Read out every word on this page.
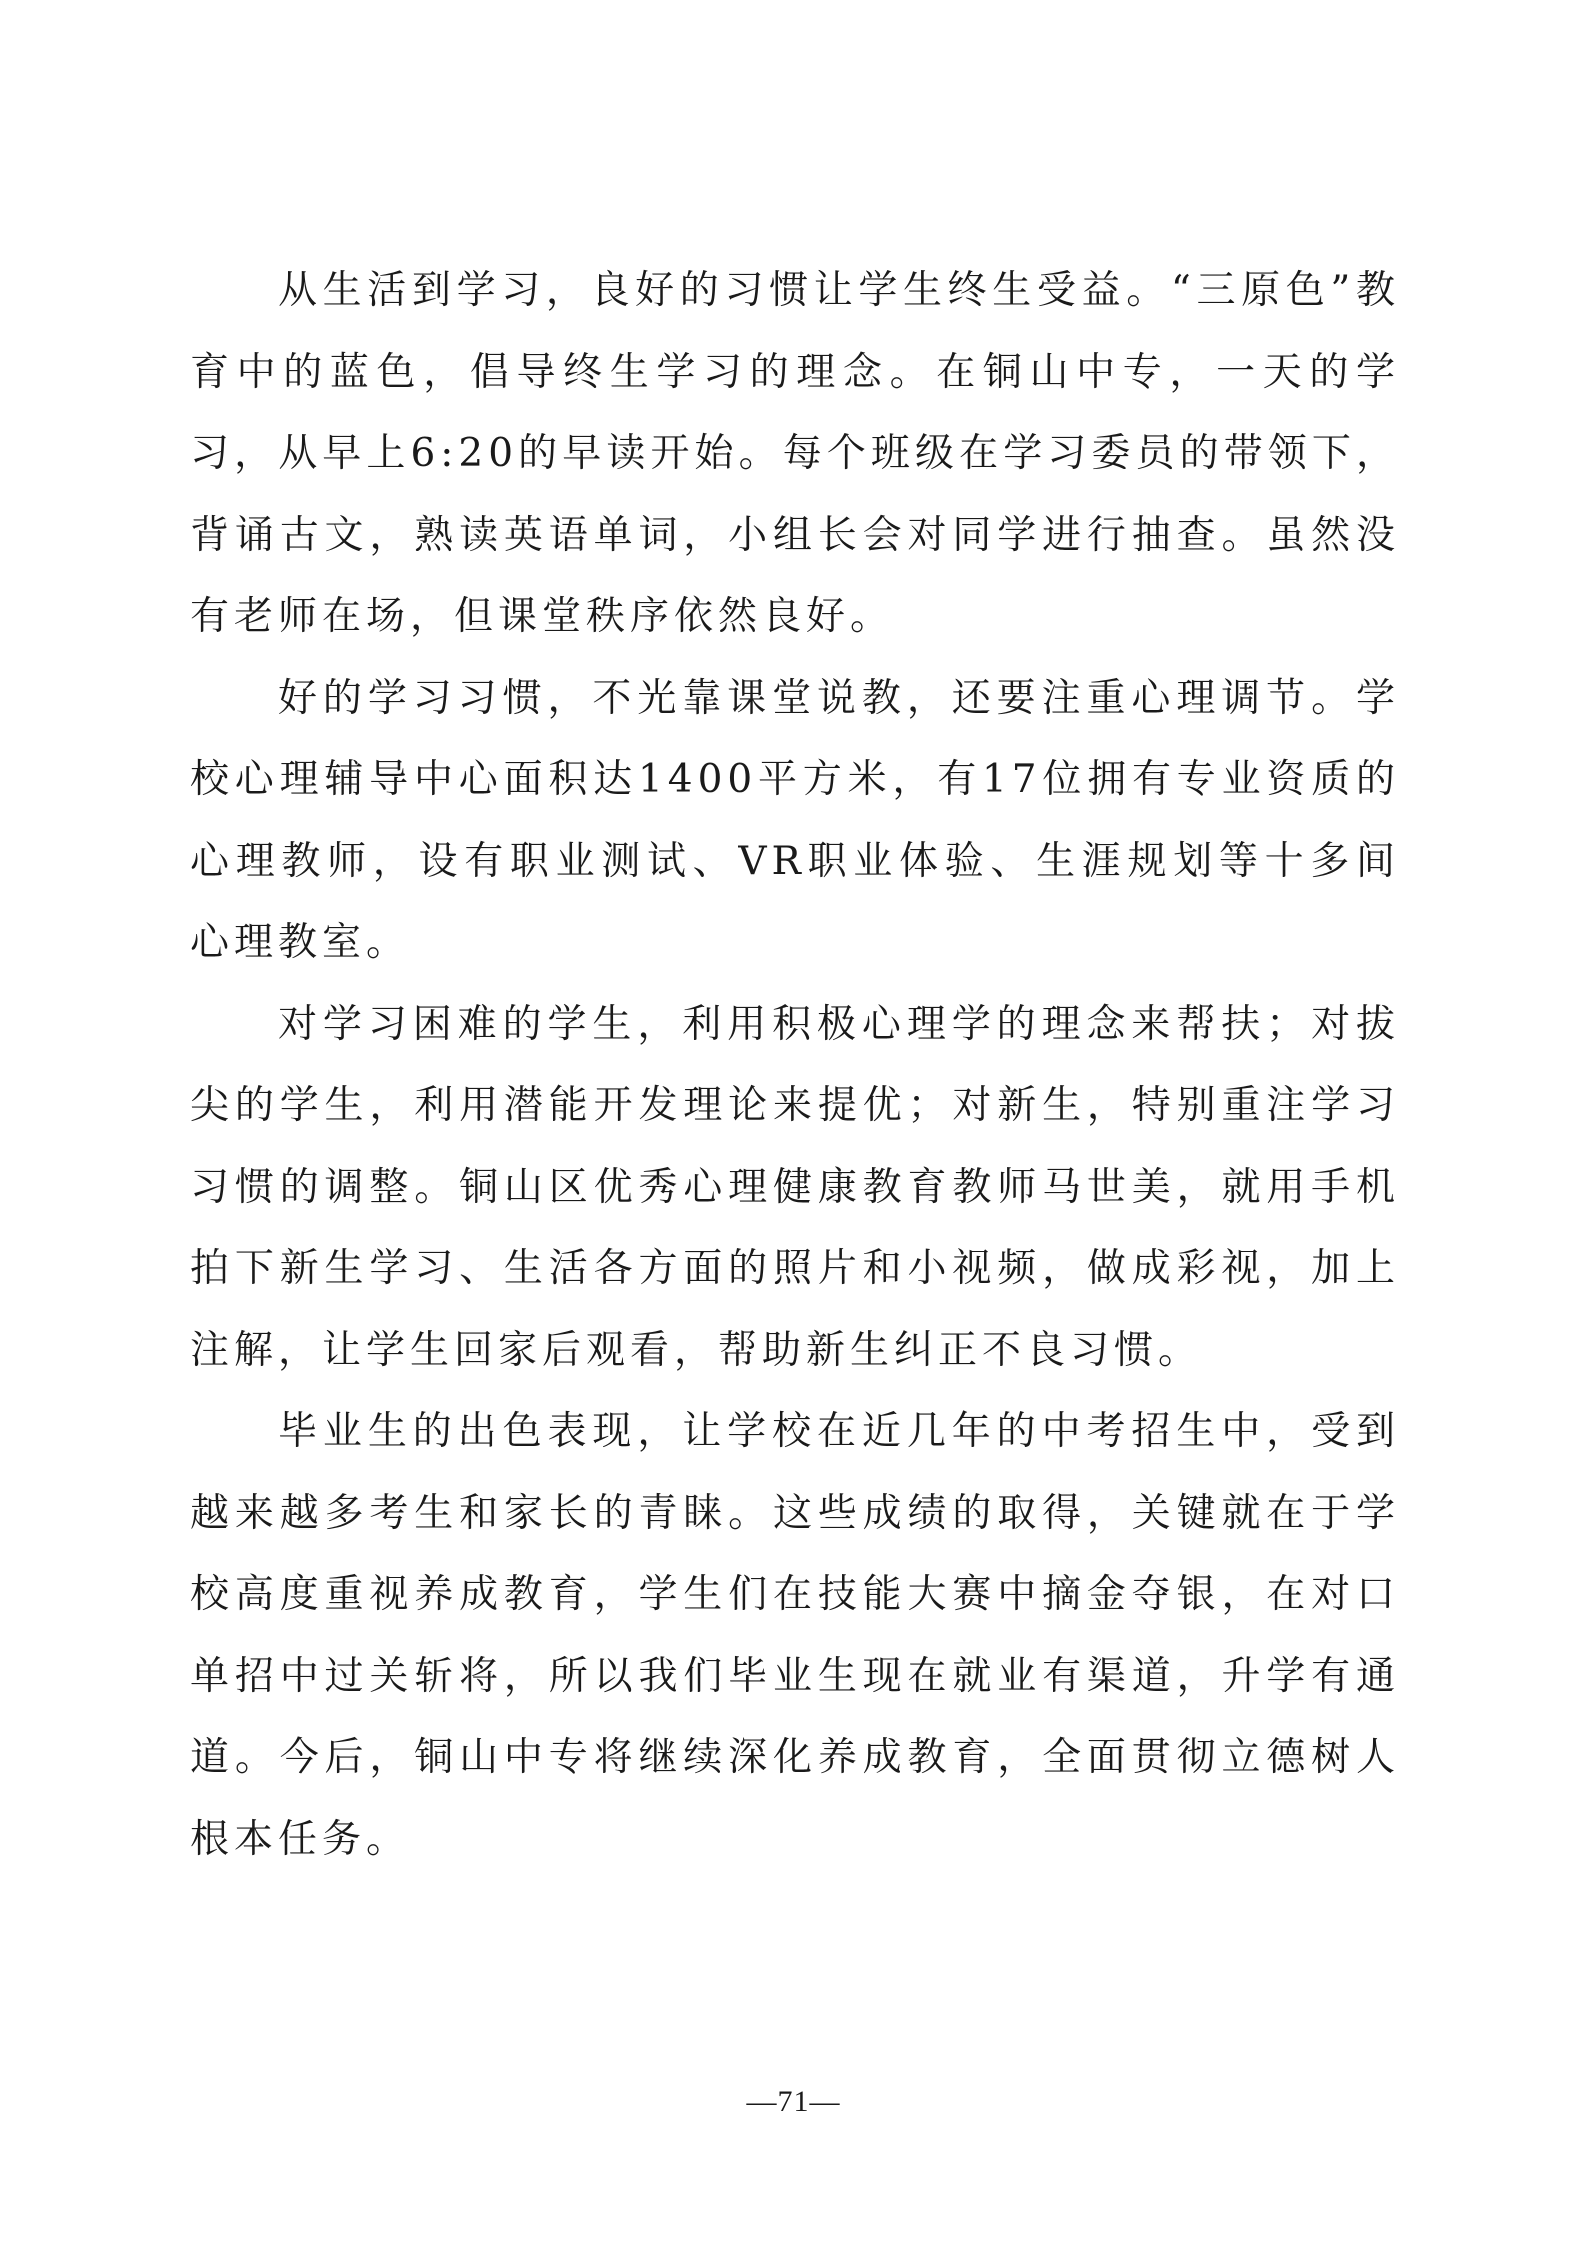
从生活到学习，良好的习惯让学生终生受益。“三原色”教育中的蓝色，倡导终生学习的理念。在铜山中专，一天的学习，从早上6:20的早读开始。每个班级在学习委员的带领下，背诵古文，熟读英语单词，小组长会对同学进行抽查。虽然没有老师在场，但课堂秩序依然良好。

好的学习习惯，不光靠课堂说教，还要注重心理调节。学校心理辅导中心面积达1400平方米，有17位拥有专业资质的心理教师，设有职业测试、VR职业体验、生涯规划等十多间心理教室。

对学习困难的学生，利用积极心理学的理念来帮扶；对拔尖的学生，利用潜能开发理论来提优；对新生，特别重注学习习惯的调整。铜山区优秀心理健康教育教师马世美，就用手机拍下新生学习、生活各方面的照片和小视频，做成彩视，加上注解，让学生回家后观看，帮助新生纠正不良习惯。

毕业生的出色表现，让学校在近几年的中考招生中，受到越来越多考生和家长的青睐。这些成绩的取得，关键就在于学校高度重视养成教育，学生们在技能大赛中摘金夺银，在对口单招中过关斩将，所以我们毕业生现在就业有渠道，升学有通道。今后，铜山中专将继续深化养成教育，全面贯彻立德树人根本任务。

—71—
